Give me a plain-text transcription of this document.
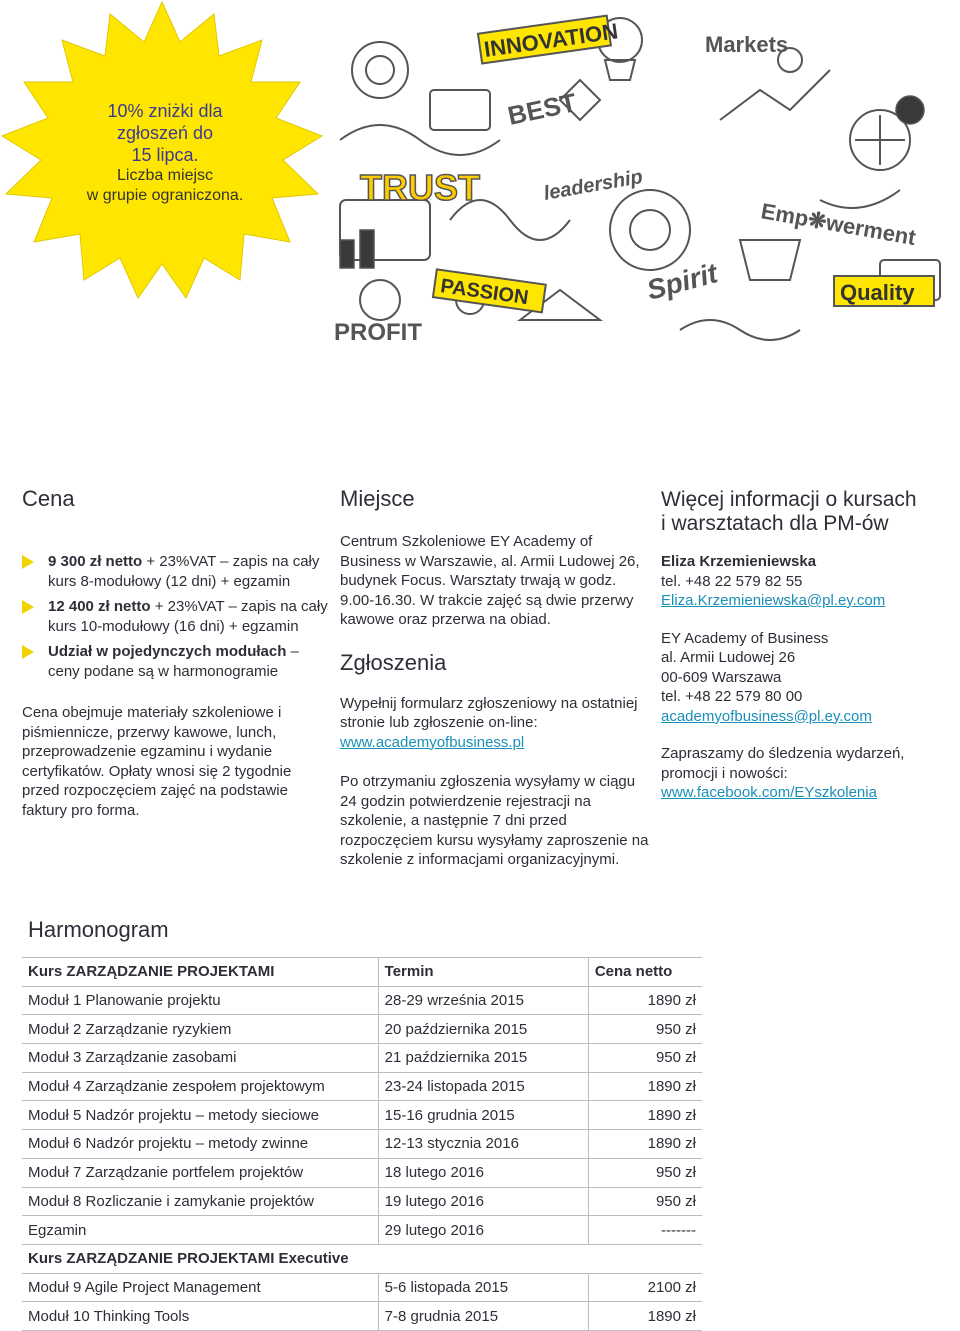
10% zniżki dla
zgłoszeń do
15 lipca.
Liczba miejsc
w grupie ograniczona.
INNOVATION
BEST
TRUST	leadership
Markets
Emp❋werment
PASSION	Spirit	Quality
PROFIT
Cena
9 300 zł netto + 23%VAT – zapis na cały kurs 8-modułowy (12 dni) + egzamin
12 400 zł netto + 23%VAT – zapis na cały kurs 10-modułowy (16 dni) + egzamin
Udział w pojedynczych modułach – ceny podane są w harmonogramie
Cena obejmuje materiały szkoleniowe i piśmiennicze, przerwy kawowe, lunch, przeprowadzenie egzaminu i wydanie certyfikatów. Opłaty wnosi się 2 tygodnie przed rozpoczęciem zajęć na podstawie faktury pro forma.
Harmonogram
Miejsce
Centrum Szkoleniowe EY Academy of Business w Warszawie, al. Armii Ludowej 26, budynek Focus. Warsztaty trwają w godz. 9.00-16.30. W trakcie zajęć są dwie przerwy kawowe oraz przerwa na obiad.
Zgłoszenia
Wypełnij formularz zgłoszeniowy na ostatniej stronie lub zgłoszenie on-line:
www.academyofbusiness.pl
Po otrzymaniu zgłoszenia wysyłamy w ciągu 24 godzin potwierdzenie rejestracji na szkolenie, a następnie 7 dni przed rozpoczęciem kursu wysyłamy zaproszenie na szkolenie z informacjami organizacyjnymi.
Więcej informacji o kursach
i warsztatach dla PM-ów
Eliza Krzemieniewska
tel. +48 22 579 82 55
Eliza.Krzemieniewska@pl.ey.com
EY Academy of Business
al. Armii Ludowej 26
00-609 Warszawa
tel. +48 22 579 80 00
academyofbusiness@pl.ey.com
Zapraszamy do śledzenia wydarzeń, promocji i nowości:
www.facebook.com/EYszkolenia
Kurs ZARZĄDZANIE PROJEKTAMI	Termin	Cena netto
Moduł 1 Planowanie projektu	28-29 września 2015	1890 zł
Moduł 2 Zarządzanie ryzykiem	20 października 2015	950 zł
Moduł 3 Zarządzanie zasobami	21 października 2015	950 zł
Moduł 4 Zarządzanie zespołem projektowym	23-24 listopada 2015	1890 zł
Moduł 5 Nadzór projektu – metody sieciowe	15-16 grudnia 2015	1890 zł
Moduł 6 Nadzór projektu – metody zwinne	12-13 stycznia 2016	1890 zł
Moduł 7 Zarządzanie portfelem projektów	18 lutego 2016	950 zł
Moduł 8 Rozliczanie i zamykanie projektów	19 lutego 2016	950 zł
Egzamin	29 lutego 2016	-------
Kurs ZARZĄDZANIE PROJEKTAMI Executive		
Moduł 9 Agile Project Management	5-6 listopada 2015	2100 zł
Moduł 10 Thinking Tools	7-8 grudnia 2015	1890 zł
